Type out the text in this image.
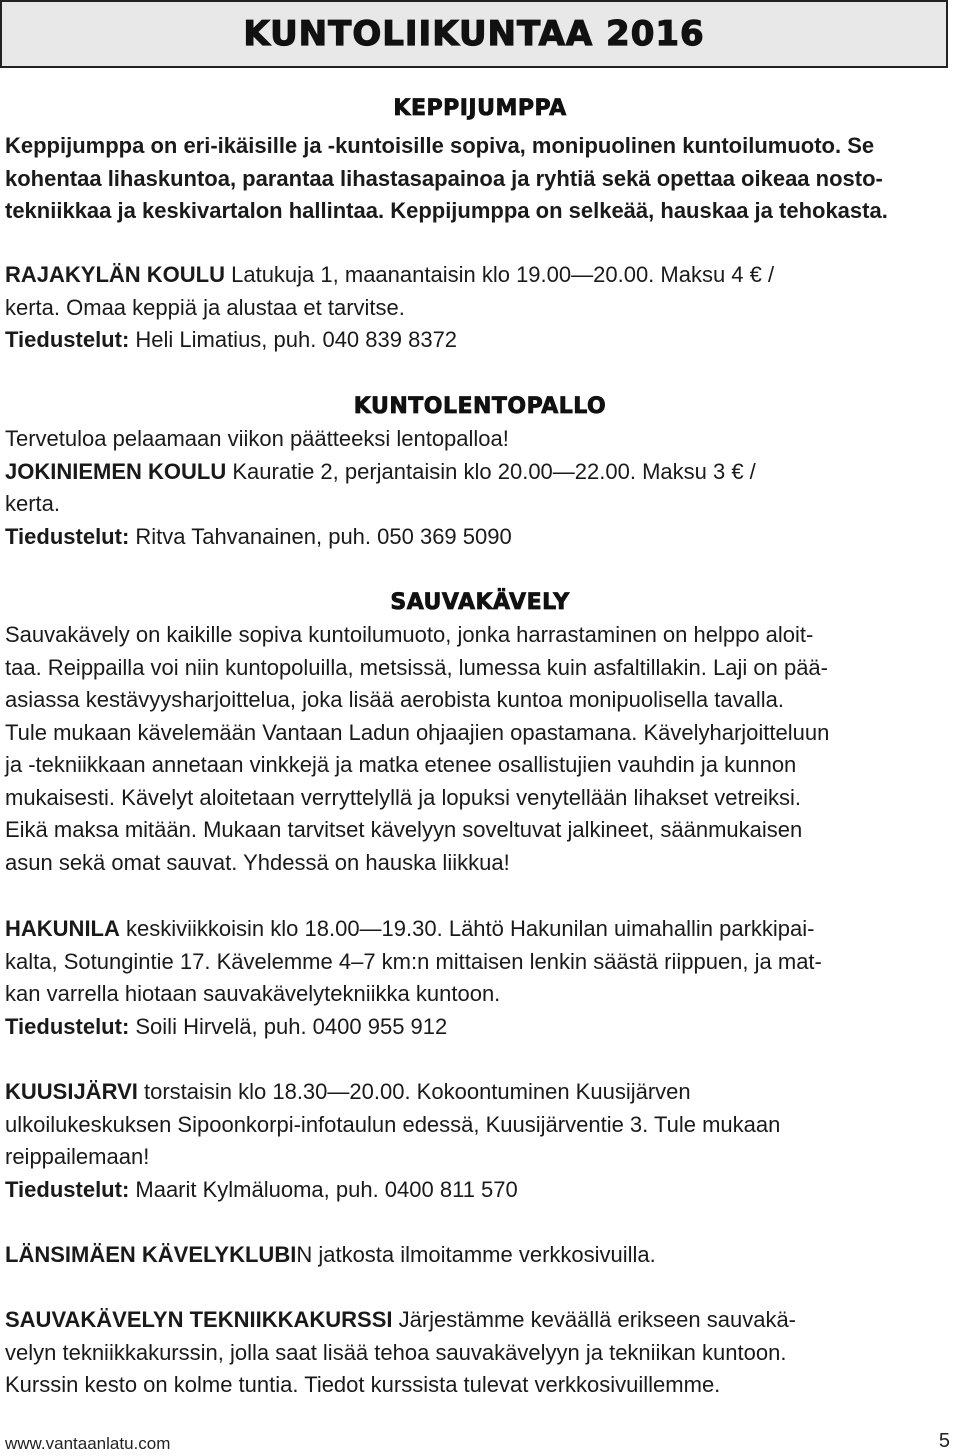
KUNTOLIIKUNTAA 2016
KEPPIJUMPPA
Keppijumppa on eri-ikäisille ja -kuntoisille sopiva, monipuolinen kuntoilumuoto. Se
kohentaa lihaskuntoa, parantaa lihastasapainoa ja ryhtiä sekä opettaa oikeaa nosto-
tekniikkaa ja keskivartalon hallintaa. Keppijumppa on selkeää, hauskaa ja tehokasta.
RAJAKYLÄN KOULU Latukuja 1, maanantaisin klo 19.00—20.00. Maksu 4 € /
kerta. Omaa keppiä ja alustaa et tarvitse.
Tiedustelut: Heli Limatius, puh. 040 839 8372
KUNTOLENTOPALLO
Tervetuloa pelaamaan viikon päätteeksi lentopalloa!
JOKINIEMEN KOULU Kauratie 2, perjantaisin klo 20.00—22.00. Maksu 3 € /
kerta.
Tiedustelut: Ritva Tahvanainen, puh. 050 369 5090
SAUVAKÄVELY
Sauvakävely on kaikille sopiva kuntoilumuoto, jonka harrastaminen on helppo aloit-
taa. Reippailla voi niin kuntopoluilla, metsissä, lumessa kuin asfaltillakin. Laji on pää-
asiassa kestävyysharjoittelua, joka lisää aerobista kuntoa monipuolisella tavalla.
Tule mukaan kävelemään Vantaan Ladun ohjaajien opastamana. Kävelyharjoitteluun
ja -tekniikkaan annetaan vinkkejä ja matka etenee osallistujien vauhdin ja kunnon
mukaisesti. Kävelyt aloitetaan verryttelyllä ja lopuksi venytellään lihakset vetreiksi.
Eikä maksa mitään. Mukaan tarvitset kävelyyn soveltuvat jalkineet, säänmukaisen
asun sekä omat sauvat. Yhdessä on hauska liikkua!
HAKUNILA keskiviikkoisin klo 18.00—19.30. Lähtö Hakunilan uimahallin parkkipai-
kalta, Sotungintie 17. Kävelemme 4–7 km:n mittaisen lenkin säästä riippuen, ja mat-
kan varrella hiotaan sauvakävelytekniikka kuntoon.
Tiedustelut: Soili Hirvelä, puh. 0400 955 912
KUUSIJÄRVI torstaisin klo 18.30—20.00. Kokoontuminen Kuusijärven
ulkoilukeskuksen Sipoonkorpi-infotaulun edessä, Kuusijärventie 3. Tule mukaan
reippailemaan!
Tiedustelut: Maarit Kylmäluoma, puh. 0400 811 570
LÄNSIMÄEN KÄVELYKLUBIN jatkosta ilmoitamme verkkosivuilla.
SAUVAKÄVELYN TEKNIIKKAKURSSI Järjestämme keväällä erikseen sauvakä-
velyn tekniikkakurssin, jolla saat lisää tehoa sauvakävelyyn ja tekniikan kuntoon.
Kurssin kesto on kolme tuntia. Tiedot kurssista tulevat verkkosivuillemme.
www.vantaanlatu.com	5
